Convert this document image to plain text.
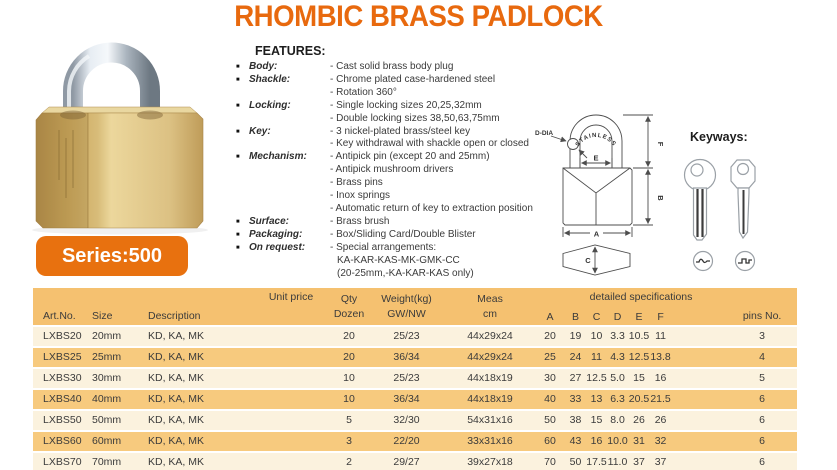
RHOMBIC BRASS PADLOCK
Series:500
FEATURES:
■ Body:	- Cast solid brass body plug
■ Shackle:	- Chrome plated case-hardened steel
- Rotation 360°
■ Locking:	- Single locking sizes 20,25,32mm
- Double locking sizes 38,50,63,75mm
■ Key:	- 3 nickel-plated brass/steel key
- Key withdrawal with shackle open or closed
■ Mechanism:	- Antipick pin (except 20 and 25mm)
- Antipick mushroom drivers
- Brass pins
- Inox springs
- Automatic return of key to extraction position
■ Surface:	- Brass brush
■ Packaging:	- Box/Sliding Card/Double Blister
■ On request:	- Special arrangements:
KA-KAR-KAS-MK-GMK-CC
(20-25mm,-KA-KAR-KAS only)
STAINLESS
D-DIA
E
F
B
A
C
Keyways:
Art.No.	Size	Description	Unit price	Qty
Dozen

Weight(kg)
GW/NW

Meas
cm
	detailed specifications	pins No.
							A	B	C	D	E	F	
LXBS20	20mm	KD, KA, MK		20	25/23	44x29x24	20	19	10	3.3	10.5	11	3
LXBS25	25mm	KD, KA, MK		20	36/34	44x29x24	25	24	11	4.3	12.5	13.8	4
LXBS30	30mm	KD, KA, MK		10	25/23	44x18x19	30	27	12.5	5.0	15	16	5
LXBS40	40mm	KD, KA, MK		10	36/34	44x18x19	40	33	13	6.3	20.5	21.5	6
LXBS50	50mm	KD, KA, MK		5	32/30	54x31x16	50	38	15	8.0	26	26	6
LXBS60	60mm	KD, KA, MK		3	22/20	33x31x16	60	43	16	10.0	31	32	6
LXBS70	70mm	KD, KA, MK		2	29/27	39x27x18	70	50	17.5	11.0	37	37	6
